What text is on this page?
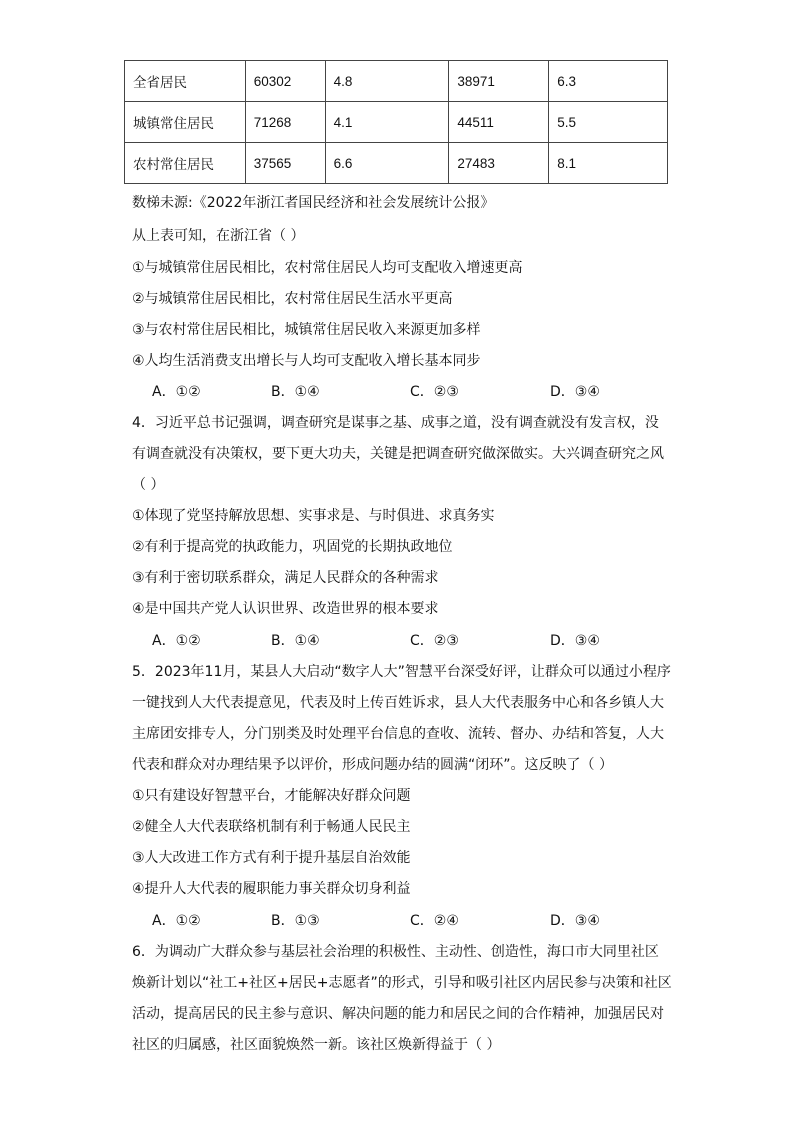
全省居民	60302	4.8	38971	6.3
城镇常住居民	71268	4.1	44511	5.5
农村常住居民	37565	6.6	27483	8.1
数梯未源:《2022年浙江者国民经济和社会发展统计公报》
从上表可知，在浙江省（ ）
①与城镇常住居民相比，农村常住居民人均可支配收入增速更高
②与城镇常住居民相比，农村常住居民生活水平更高
③与农村常住居民相比，城镇常住居民收入来源更加多样
④人均生活消费支出增长与人均可支配收入增长基本同步
A．①②	B．①④	C．②③	D．③④
4．习近平总书记强调，调查研究是谋事之基、成事之道，没有调查就没有发言权，没
有调查就没有决策权，要下更大功夫，关键是把调查研究做深做实。大兴调查研究之风
（ ）
①体现了党坚持解放思想、实事求是、与时俱进、求真务实
②有利于提高党的执政能力，巩固党的长期执政地位
③有利于密切联系群众，满足人民群众的各种需求
④是中国共产党人认识世界、改造世界的根本要求
A．①②	B．①④	C．②③	D．③④
5．2023年11月，某县人大启动“数字人大”智慧平台深受好评，让群众可以通过小程序
一键找到人大代表提意见，代表及时上传百姓诉求，县人大代表服务中心和各乡镇人大
主席团安排专人，分门别类及时处理平台信息的查收、流转、督办、办结和答复，人大
代表和群众对办理结果予以评价，形成问题办结的圆满“闭环”。这反映了（ ）
①只有建设好智慧平台，才能解决好群众问题
②健全人大代表联络机制有利于畅通人民民主
③人大改进工作方式有利于提升基层自治效能
④提升人大代表的履职能力事关群众切身利益
A．①②	B．①③	C．②④	D．③④
6．为调动广大群众参与基层社会治理的积极性、主动性、创造性，海口市大同里社区
焕新计划以“社工+社区+居民+志愿者”的形式，引导和吸引社区内居民参与决策和社区
活动，提高居民的民主参与意识、解决问题的能力和居民之间的合作精神，加强居民对
社区的归属感，社区面貌焕然一新。该社区焕新得益于（ ）
